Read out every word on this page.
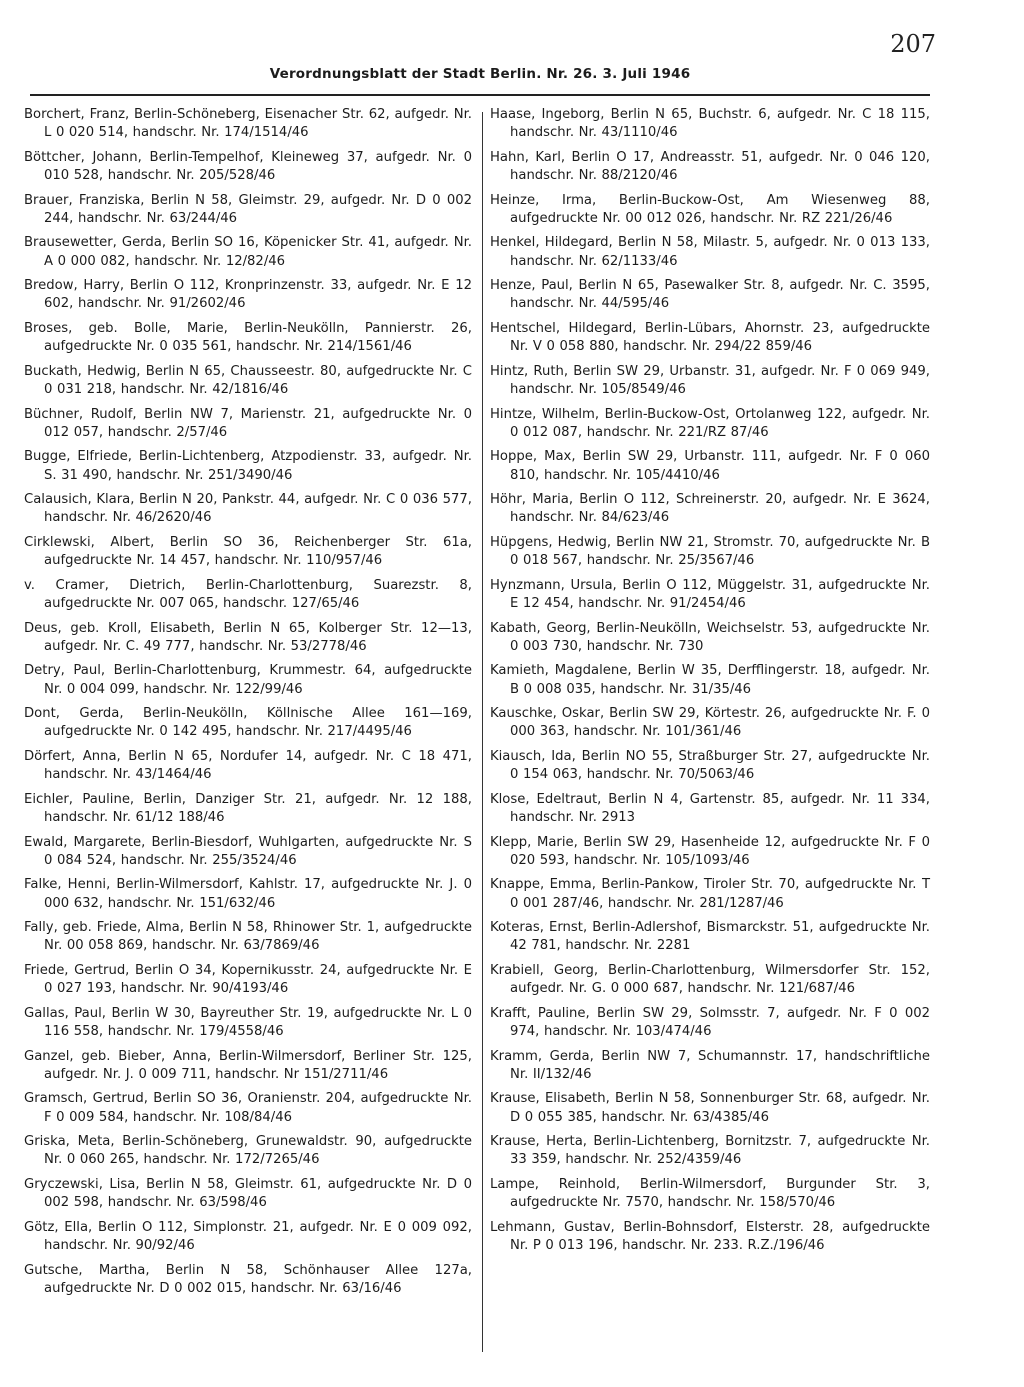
207
Verordnungsblatt der Stadt Berlin. Nr. 26. 3. Juli 1946

Borchert, Franz, Berlin-Schöneberg, Eisenacher Str. 62, aufgedr. Nr. L 0 020 514, handschr. Nr. 174/1514/46

Böttcher, Johann, Berlin-Tempelhof, Kleineweg 37, aufgedr. Nr. 0 010 528, handschr. Nr. 205/528/46

Brauer, Franziska, Berlin N 58, Gleimstr. 29, aufgedr. Nr. D 0 002 244, handschr. Nr. 63/244/46

Brausewetter, Gerda, Berlin SO 16, Köpenicker Str. 41, aufgedr. Nr. A 0 000 082, handschr. Nr. 12/82/46

Bredow, Harry, Berlin O 112, Kronprinzenstr. 33, aufgedr. Nr. E 12 602, handschr. Nr. 91/2602/46

Broses, geb. Bolle, Marie, Berlin-Neukölln, Pannierstr. 26, aufgedruckte Nr. 0 035 561, handschr. Nr. 214/1561/46

Buckath, Hedwig, Berlin N 65, Chausseestr. 80, aufgedruckte Nr. C 0 031 218, handschr. Nr. 42/1816/46

Büchner, Rudolf, Berlin NW 7, Marienstr. 21, aufgedruckte Nr. 0 012 057, handschr. 2/57/46

Bugge, Elfriede, Berlin-Lichtenberg, Atzpodienstr. 33, aufgedr. Nr. S. 31 490, handschr. Nr. 251/3490/46

Calausich, Klara, Berlin N 20, Pankstr. 44, aufgedr. Nr. C 0 036 577, handschr. Nr. 46/2620/46

Cirklewski, Albert, Berlin SO 36, Reichenberger Str. 61a, aufgedruckte Nr. 14 457, handschr. Nr. 110/957/46

v. Cramer, Dietrich, Berlin-Charlottenburg, Suarezstr. 8, aufgedruckte Nr. 007 065, handschr. 127/65/46

Deus, geb. Kroll, Elisabeth, Berlin N 65, Kolberger Str. 12—13, aufgedr. Nr. C. 49 777, handschr. Nr. 53/2778/46

Detry, Paul, Berlin-Charlottenburg, Krummestr. 64, aufgedruckte Nr. 0 004 099, handschr. Nr. 122/99/46

Dont, Gerda, Berlin-Neukölln, Köllnische Allee 161—169, aufgedruckte Nr. 0 142 495, handschr. Nr. 217/4495/46

Dörfert, Anna, Berlin N 65, Nordufer 14, aufgedr. Nr. C 18 471, handschr. Nr. 43/1464/46

Eichler, Pauline, Berlin, Danziger Str. 21, aufgedr. Nr. 12 188, handschr. Nr. 61/12 188/46

Ewald, Margarete, Berlin-Biesdorf, Wuhlgarten, aufgedruckte Nr. S 0 084 524, handschr. Nr. 255/3524/46

Falke, Henni, Berlin-Wilmersdorf, Kahlstr. 17, aufgedruckte Nr. J. 0 000 632, handschr. Nr. 151/632/46

Fally, geb. Friede, Alma, Berlin N 58, Rhinower Str. 1, aufgedruckte Nr. 00 058 869, handschr. Nr. 63/7869/46

Friede, Gertrud, Berlin O 34, Kopernikusstr. 24, aufgedruckte Nr. E 0 027 193, handschr. Nr. 90/4193/46

Gallas, Paul, Berlin W 30, Bayreuther Str. 19, aufgedruckte Nr. L 0 116 558, handschr. Nr. 179/4558/46

Ganzel, geb. Bieber, Anna, Berlin-Wilmersdorf, Berliner Str. 125, aufgedr. Nr. J. 0 009 711, handschr. Nr 151/2711/46

Gramsch, Gertrud, Berlin SO 36, Oranienstr. 204, aufgedruckte Nr. F 0 009 584, handschr. Nr. 108/84/46

Griska, Meta, Berlin-Schöneberg, Grunewaldstr. 90, aufgedruckte Nr. 0 060 265, handschr. Nr. 172/7265/46

Gryczewski, Lisa, Berlin N 58, Gleimstr. 61, aufgedruckte Nr. D 0 002 598, handschr. Nr. 63/598/46

Götz, Ella, Berlin O 112, Simplonstr. 21, aufgedr. Nr. E 0 009 092, handschr. Nr. 90/92/46

Gutsche, Martha, Berlin N 58, Schönhauser Allee 127a, aufgedruckte Nr. D 0 002 015, handschr. Nr. 63/16/46

Haase, Ingeborg, Berlin N 65, Buchstr. 6, aufgedr. Nr. C 18 115, handschr. Nr. 43/1110/46

Hahn, Karl, Berlin O 17, Andreasstr. 51, aufgedr. Nr. 0 046 120, handschr. Nr. 88/2120/46

Heinze, Irma, Berlin-Buckow-Ost, Am Wiesenweg 88, aufgedruckte Nr. 00 012 026, handschr. Nr. RZ 221/26/46

Henkel, Hildegard, Berlin N 58, Milastr. 5, aufgedr. Nr. 0 013 133, handschr. Nr. 62/1133/46

Henze, Paul, Berlin N 65, Pasewalker Str. 8, aufgedr. Nr. C. 3595, handschr. Nr. 44/595/46

Hentschel, Hildegard, Berlin-Lübars, Ahornstr. 23, aufgedruckte Nr. V 0 058 880, handschr. Nr. 294/22 859/46

Hintz, Ruth, Berlin SW 29, Urbanstr. 31, aufgedr. Nr. F 0 069 949, handschr. Nr. 105/8549/46

Hintze, Wilhelm, Berlin-Buckow-Ost, Ortolanweg 122, aufgedr. Nr. 0 012 087, handschr. Nr. 221/RZ 87/46

Hoppe, Max, Berlin SW 29, Urbanstr. 111, aufgedr. Nr. F 0 060 810, handschr. Nr. 105/4410/46

Höhr, Maria, Berlin O 112, Schreinerstr. 20, aufgedr. Nr. E 3624, handschr. Nr. 84/623/46

Hüpgens, Hedwig, Berlin NW 21, Stromstr. 70, aufgedruckte Nr. B 0 018 567, handschr. Nr. 25/3567/46

Hynzmann, Ursula, Berlin O 112, Müggelstr. 31, aufgedruckte Nr. E 12 454, handschr. Nr. 91/2454/46

Kabath, Georg, Berlin-Neukölln, Weichselstr. 53, aufgedruckte Nr. 0 003 730, handschr. Nr. 730

Kamieth, Magdalene, Berlin W 35, Derfflingerstr. 18, aufgedr. Nr. B 0 008 035, handschr. Nr. 31/35/46

Kauschke, Oskar, Berlin SW 29, Körtestr. 26, aufgedruckte Nr. F. 0 000 363, handschr. Nr. 101/361/46

Kiausch, Ida, Berlin NO 55, Straßburger Str. 27, aufgedruckte Nr. 0 154 063, handschr. Nr. 70/5063/46

Klose, Edeltraut, Berlin N 4, Gartenstr. 85, aufgedr. Nr. 11 334, handschr. Nr. 2913

Klepp, Marie, Berlin SW 29, Hasenheide 12, aufgedruckte Nr. F 0 020 593, handschr. Nr. 105/1093/46

Knappe, Emma, Berlin-Pankow, Tiroler Str. 70, aufgedruckte Nr. T 0 001 287/46, handschr. Nr. 281/1287/46

Koteras, Ernst, Berlin-Adlershof, Bismarckstr. 51, aufgedruckte Nr. 42 781, handschr. Nr. 2281

Krabiell, Georg, Berlin-Charlottenburg, Wilmersdorfer Str. 152, aufgedr. Nr. G. 0 000 687, handschr. Nr. 121/687/46

Krafft, Pauline, Berlin SW 29, Solmsstr. 7, aufgedr. Nr. F 0 002 974, handschr. Nr. 103/474/46

Kramm, Gerda, Berlin NW 7, Schumannstr. 17, handschriftliche Nr. II/132/46

Krause, Elisabeth, Berlin N 58, Sonnenburger Str. 68, aufgedr. Nr. D 0 055 385, handschr. Nr. 63/4385/46

Krause, Herta, Berlin-Lichtenberg, Bornitzstr. 7, aufgedruckte Nr. 33 359, handschr. Nr. 252/4359/46

Lampe, Reinhold, Berlin-Wilmersdorf, Burgunder Str. 3, aufgedruckte Nr. 7570, handschr. Nr. 158/570/46

Lehmann, Gustav, Berlin-Bohnsdorf, Elsterstr. 28, aufgedruckte Nr. P 0 013 196, handschr. Nr. 233. R.Z./196/46
